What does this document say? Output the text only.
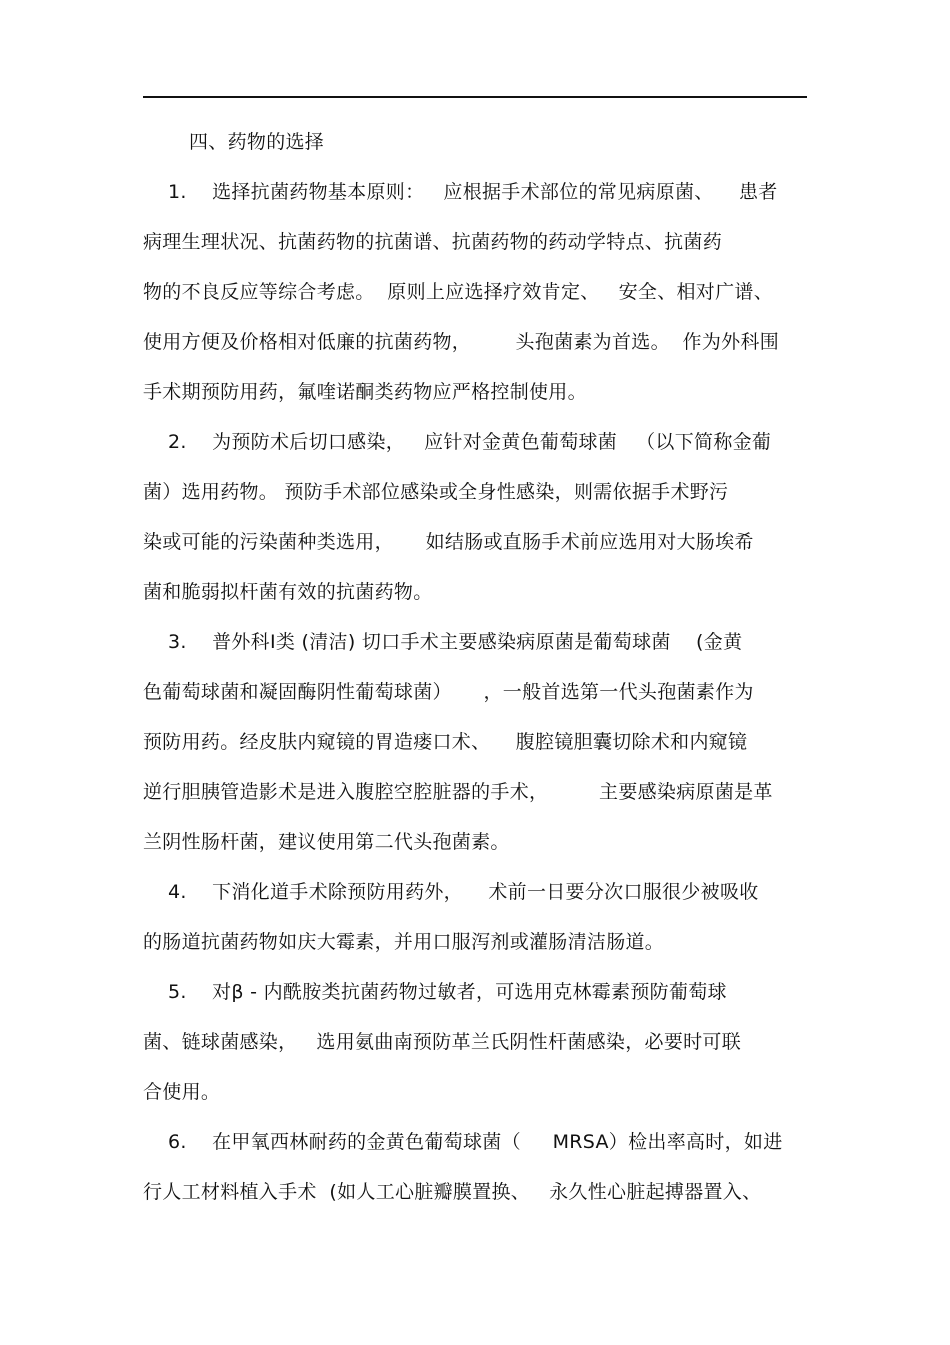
四、药物的选择
1.    选择抗菌药物基本原则：   应根据手术部位的常见病原菌、    患者
病理生理状况、抗菌药物的抗菌谱、抗菌药物的药动学特点、抗菌药
物的不良反应等综合考虑。  原则上应选择疗效肯定、   安全、相对广谱、
使用方便及价格相对低廉的抗菌药物，       头孢菌素为首选。  作为外科围
手术期预防用药，氟喹诺酮类药物应严格控制使用。
2.    为预防术后切口感染，   应针对金黄色葡萄球菌   （以下简称金葡
菌）选用药物。 预防手术部位感染或全身性感染，则需依据手术野污
染或可能的污染菌种类选用，     如结肠或直肠手术前应选用对大肠埃希
菌和脆弱拟杆菌有效的抗菌药物。
3.    普外科Ⅰ类 (清洁) 切口手术主要感染病原菌是葡萄球菌    (金黄
色葡萄球菌和凝固酶阴性葡萄球菌）     ，一般首选第一代头孢菌素作为
预防用药。经皮肤内窥镜的胃造瘘口术、    腹腔镜胆囊切除术和内窥镜
逆行胆胰管造影术是进入腹腔空腔脏器的手术，        主要感染病原菌是革
兰阴性肠杆菌，建议使用第二代头孢菌素。
4.    下消化道手术除预防用药外，    术前一日要分次口服很少被吸收
的肠道抗菌药物如庆大霉素，并用口服泻剂或灌肠清洁肠道。
5.    对β - 内酰胺类抗菌药物过敏者，可选用克林霉素预防葡萄球
菌、链球菌感染，   选用氨曲南预防革兰氏阴性杆菌感染，必要时可联
合使用。
6.    在甲氧西林耐药的金黄色葡萄球菌（     MRSA）检出率高时，如进
行人工材料植入手术  (如人工心脏瓣膜置换、   永久性心脏起搏器置入、
